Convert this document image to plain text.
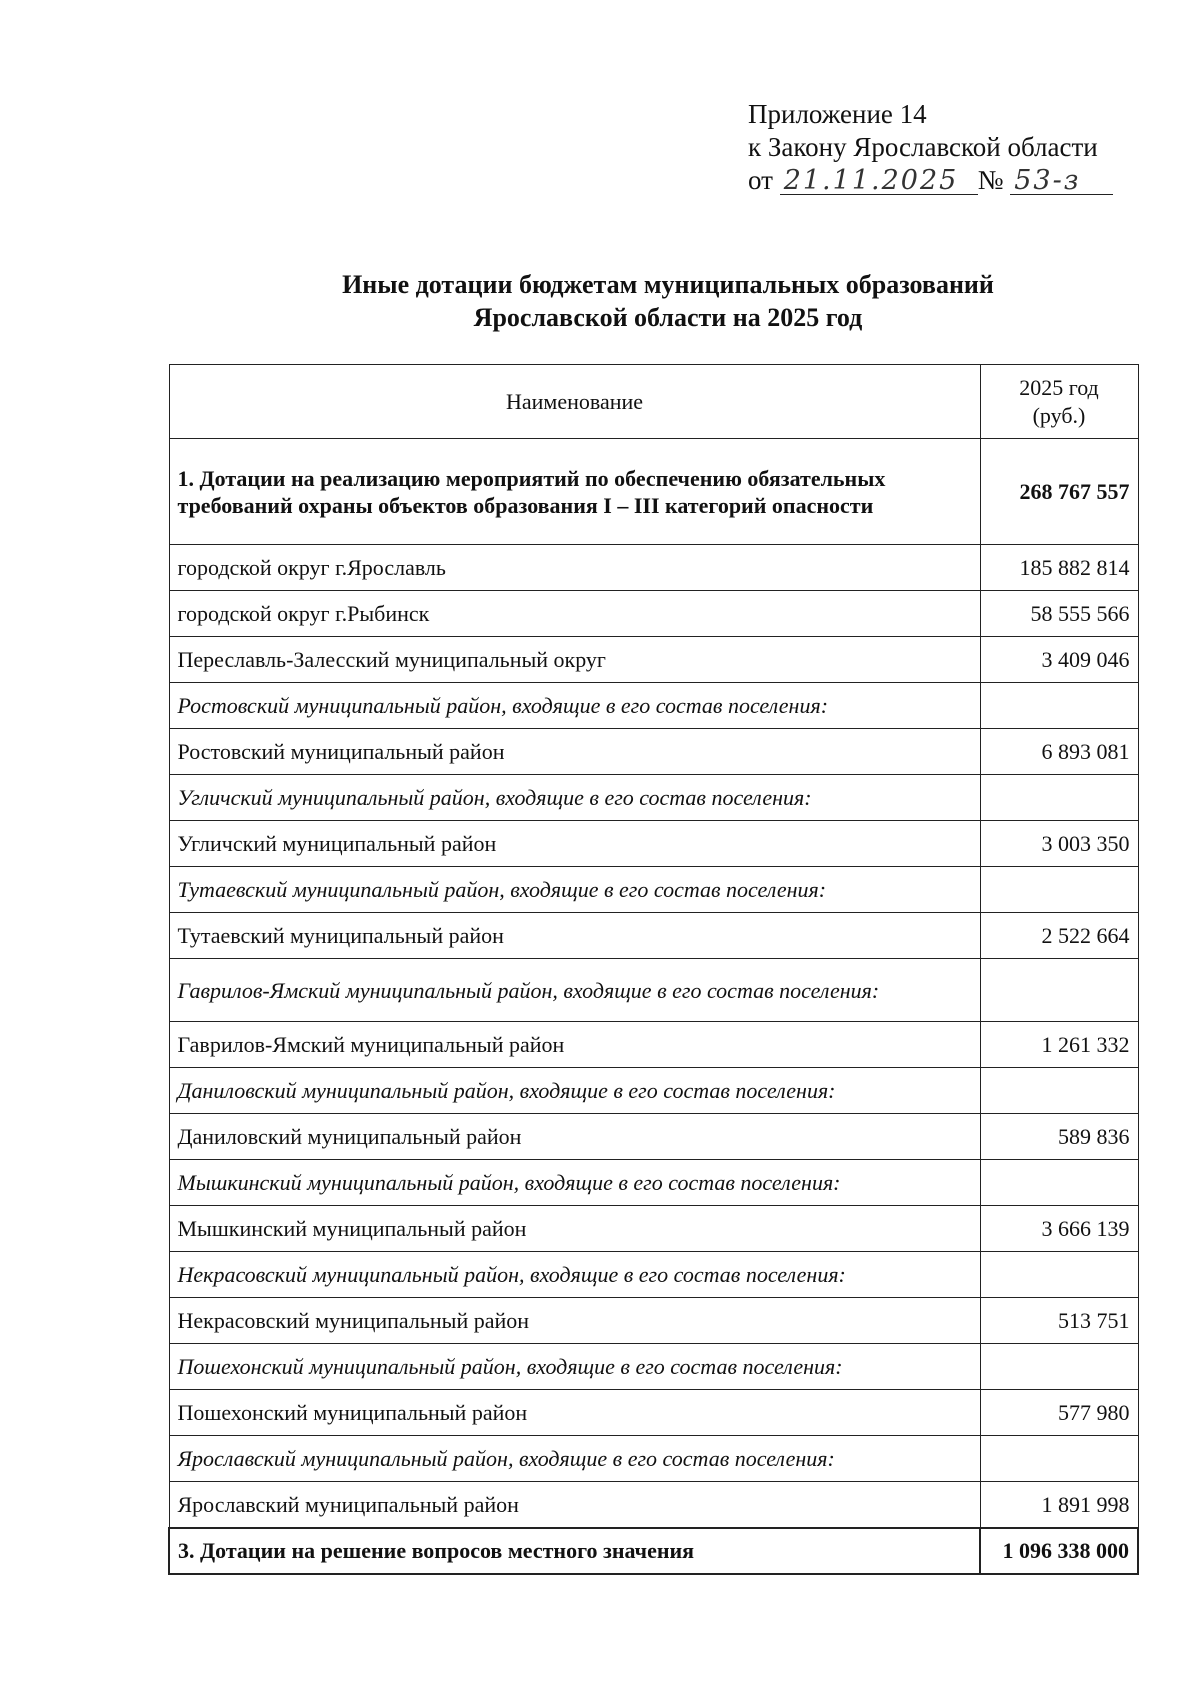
Приложение 14
к Закону Ярославской области
от 21.11.2025 № 53-з
Иные дотации бюджетам муниципальных образований
Ярославской области на 2025 год
Наименование	2025 год
(руб.)

1. Дотации на реализацию мероприятий по обеспечению обязательных требований охраны объектов образования I – III категорий опасности	268 767 557
городской округ г.Ярославль	185 882 814
городской округ г.Рыбинск	58 555 566
Переславль-Залесский муниципальный округ	3 409 046
Ростовский муниципальный район, входящие в его состав поселения:	
Ростовский муниципальный район	6 893 081
Угличский муниципальный район, входящие в его состав поселения:	
Угличский муниципальный район	3 003 350
Тутаевский муниципальный район, входящие в его состав поселения:	
Тутаевский муниципальный район	2 522 664
Гаврилов-Ямский муниципальный район, входящие в его состав поселения:	
Гаврилов-Ямский муниципальный район	1 261 332
Даниловский муниципальный район, входящие в его состав поселения:	
Даниловский муниципальный район	589 836
Мышкинский муниципальный район, входящие в его состав поселения:	
Мышкинский муниципальный район	3 666 139
Некрасовский муниципальный район, входящие в его состав поселения:	
Некрасовский муниципальный район	513 751
Пошехонский муниципальный район, входящие в его состав поселения:	
Пошехонский муниципальный район	577 980
Ярославский муниципальный район, входящие в его состав поселения:	
Ярославский муниципальный район	1 891 998
3. Дотации на решение вопросов местного значения	1 096 338 000
